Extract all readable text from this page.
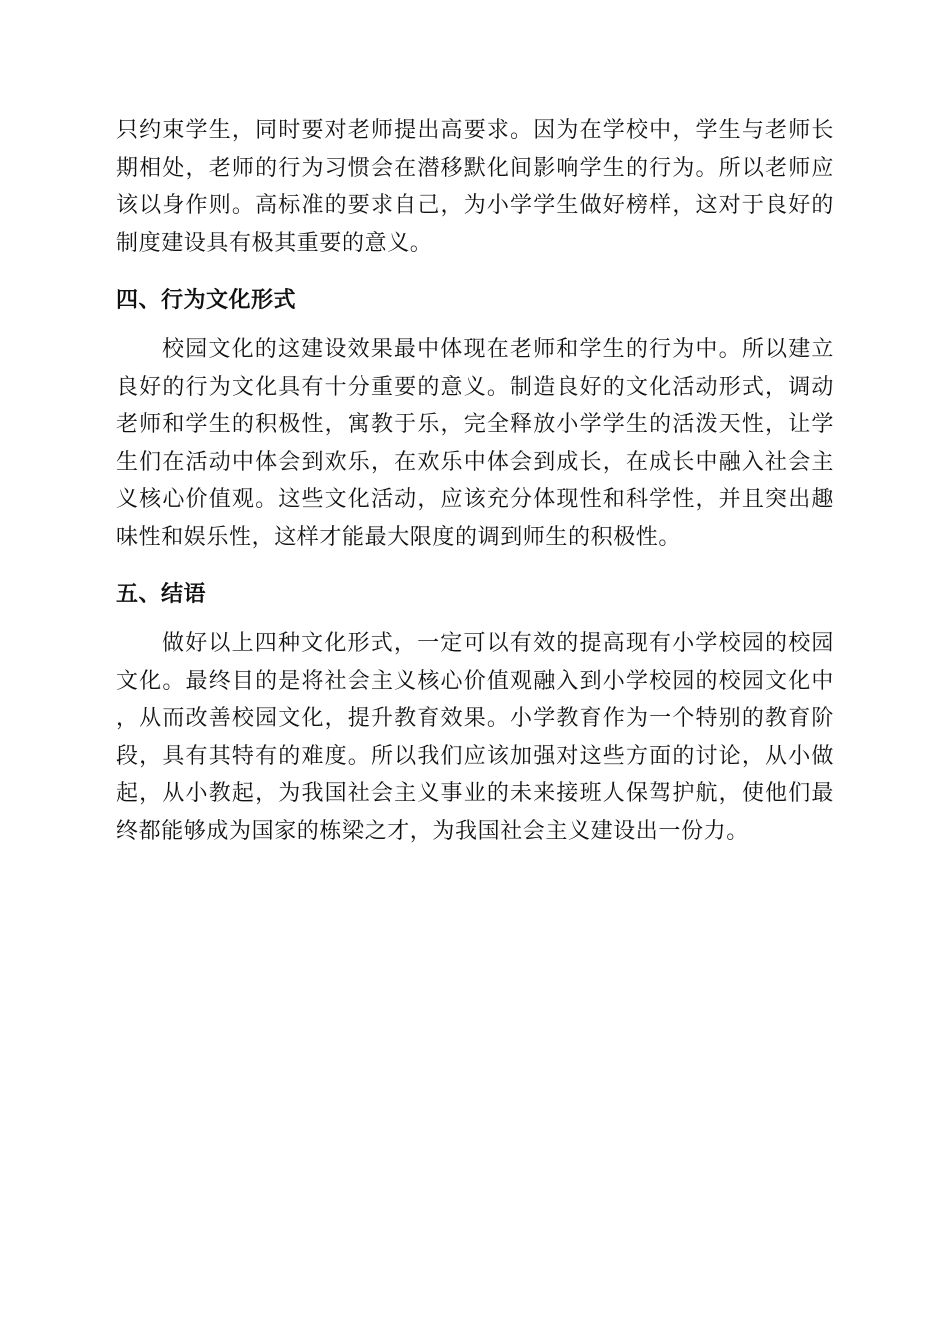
只约束学生，同时要对老师提出高要求。因为在学校中，学生与老师长期相处，老师的行为习惯会在潜移默化间影响学生的行为。所以老师应该以身作则。高标准的要求自己，为小学学生做好榜样，这对于良好的制度建设具有极其重要的意义。

四、行为文化形式

校园文化的这建设效果最中体现在老师和学生的行为中。所以建立良好的行为文化具有十分重要的意义。制造良好的文化活动形式，调动老师和学生的积极性，寓教于乐，完全释放小学学生的活泼天性，让学生们在活动中体会到欢乐，在欢乐中体会到成长，在成长中融入社会主义核心价值观。这些文化活动，应该充分体现性和科学性，并且突出趣味性和娱乐性，这样才能最大限度的调到师生的积极性。

五、结语

做好以上四种文化形式，一定可以有效的提高现有小学校园的校园文化。最终目的是将社会主义核心价值观融入到小学校园的校园文化中，从而改善校园文化，提升教育效果。小学教育作为一个特别的教育阶段，具有其特有的难度。所以我们应该加强对这些方面的讨论，从小做起，从小教起，为我国社会主义事业的未来接班人保驾护航，使他们最终都能够成为国家的栋梁之才，为我国社会主义建设出一份力。
